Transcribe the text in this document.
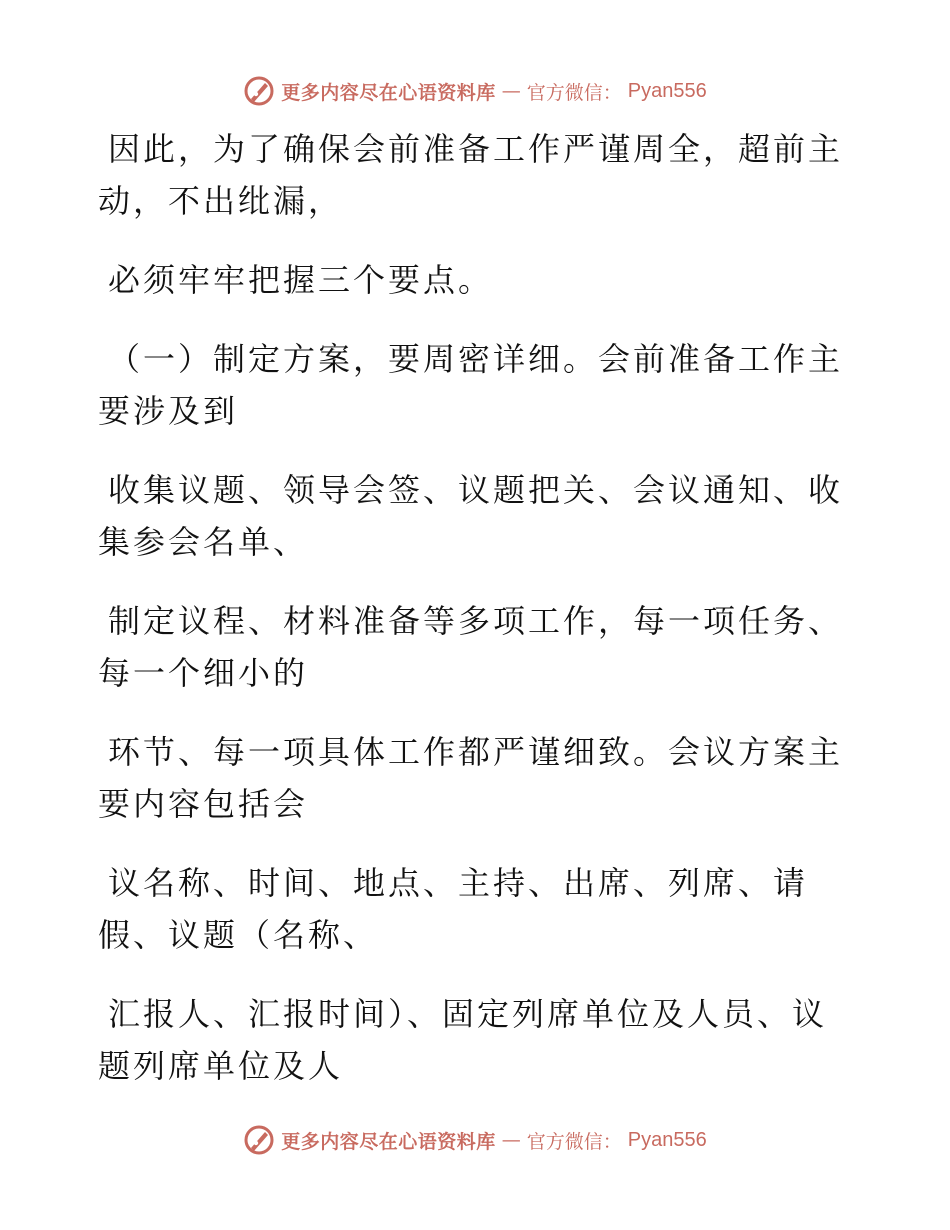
更多内容尽在心语资料库 — 官方微信： Pyan556

因此，为了确保会前准备工作严谨周全，超前主
动，不出纰漏，

必须牢牢把握三个要点。

（一）制定方案，要周密详细。会前准备工作主
要涉及到

收集议题、领导会签、议题把关、会议通知、收
集参会名单、

制定议程、材料准备等多项工作，每一项任务、
每一个细小的

环节、每一项具体工作都严谨细致。会议方案主
要内容包括会

议名称、时间、地点、主持、出席、列席、请
假、议题（名称、

汇报人、汇报时间）、固定列席单位及人员、议
题列席单位及人

更多内容尽在心语资料库 — 官方微信： Pyan556
